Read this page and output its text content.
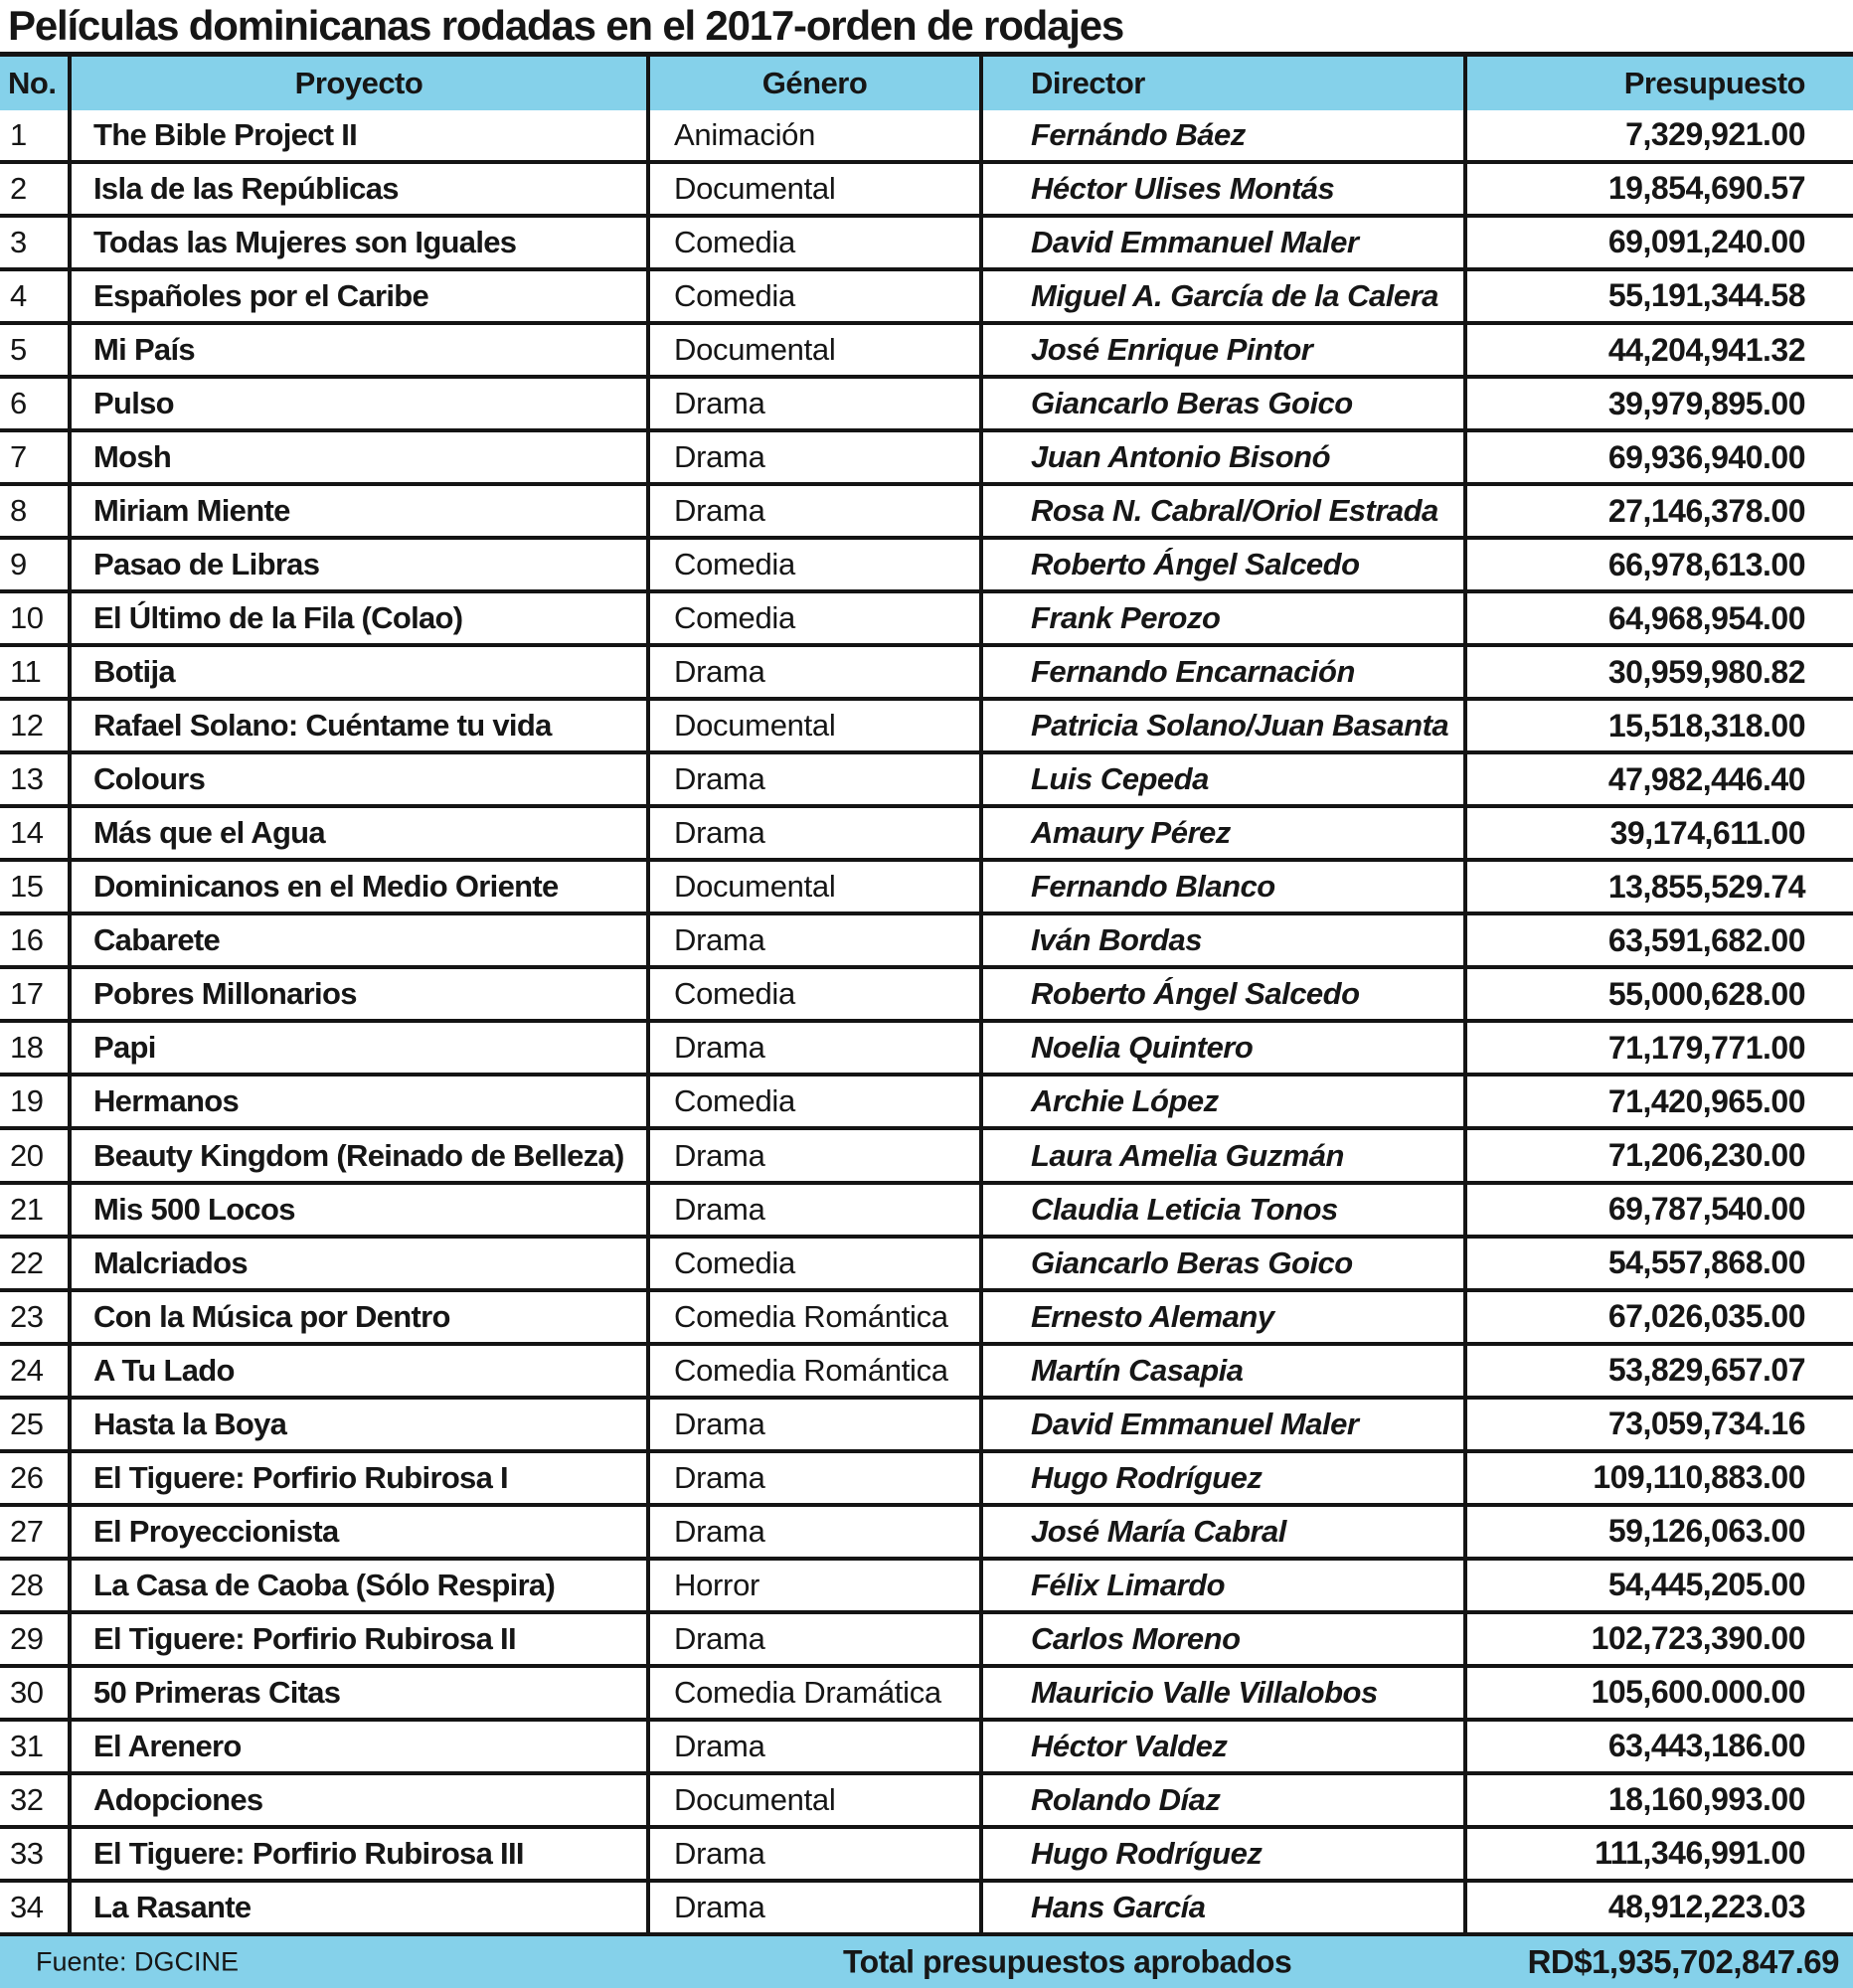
Películas dominicanas rodadas en el 2017-orden de rodajes
No.	Proyecto	Género	Director	Presupuesto
1	The Bible Project II	Animación	Fernándo Báez	7,329,921.00
2	Isla de las Repúblicas	Documental	Héctor Ulises Montás	19,854,690.57
3	Todas las Mujeres son Iguales	Comedia	David Emmanuel Maler	69,091,240.00
4	Españoles por el Caribe	Comedia	Miguel A. García de la Calera	55,191,344.58
5	Mi País	Documental	José Enrique Pintor	44,204,941.32
6	Pulso	Drama	Giancarlo Beras Goico	39,979,895.00
7	Mosh	Drama	Juan Antonio Bisonó	69,936,940.00
8	Miriam Miente	Drama	Rosa N. Cabral/Oriol Estrada	27,146,378.00
9	Pasao de Libras	Comedia	Roberto Ángel Salcedo	66,978,613.00
10	El Último de la Fila (Colao)	Comedia	Frank Perozo	64,968,954.00
11	Botija	Drama	Fernando Encarnación	30,959,980.82
12	Rafael Solano: Cuéntame tu vida	Documental	Patricia Solano/Juan Basanta	15,518,318.00
13	Colours	Drama	Luis Cepeda	47,982,446.40
14	Más que el Agua	Drama	Amaury Pérez	39,174,611.00
15	Dominicanos en el Medio Oriente	Documental	Fernando Blanco	13,855,529.74
16	Cabarete	Drama	Iván Bordas	63,591,682.00
17	Pobres Millonarios	Comedia	Roberto Ángel Salcedo	55,000,628.00
18	Papi	Drama	Noelia Quintero	71,179,771.00
19	Hermanos	Comedia	Archie López	71,420,965.00
20	Beauty Kingdom (Reinado de Belleza)	Drama	Laura Amelia Guzmán	71,206,230.00
21	Mis 500 Locos	Drama	Claudia Leticia Tonos	69,787,540.00
22	Malcriados	Comedia	Giancarlo Beras Goico	54,557,868.00
23	Con la Música por Dentro	Comedia Romántica	Ernesto Alemany	67,026,035.00
24	A Tu Lado	Comedia Romántica	Martín Casapia	53,829,657.07
25	Hasta la Boya	Drama	David Emmanuel Maler	73,059,734.16
26	El Tiguere: Porfirio Rubirosa I	Drama	Hugo Rodríguez	109,110,883.00
27	El Proyeccionista	Drama	José María Cabral	59,126,063.00
28	La Casa de Caoba (Sólo Respira)	Horror	Félix Limardo	54,445,205.00
29	El Tiguere: Porfirio Rubirosa II	Drama	Carlos Moreno	102,723,390.00
30	50 Primeras Citas	Comedia Dramática	Mauricio Valle Villalobos	105,600.000.00
31	El Arenero	Drama	Héctor Valdez	63,443,186.00
32	Adopciones	Documental	Rolando Díaz	18,160,993.00
33	El Tiguere: Porfirio Rubirosa III	Drama	Hugo Rodríguez	111,346,991.00
34	La Rasante	Drama	Hans García	48,912,223.03
Fuente: DGCINE	Total presupuestos aprobados	RD$1,935,702,847.69
